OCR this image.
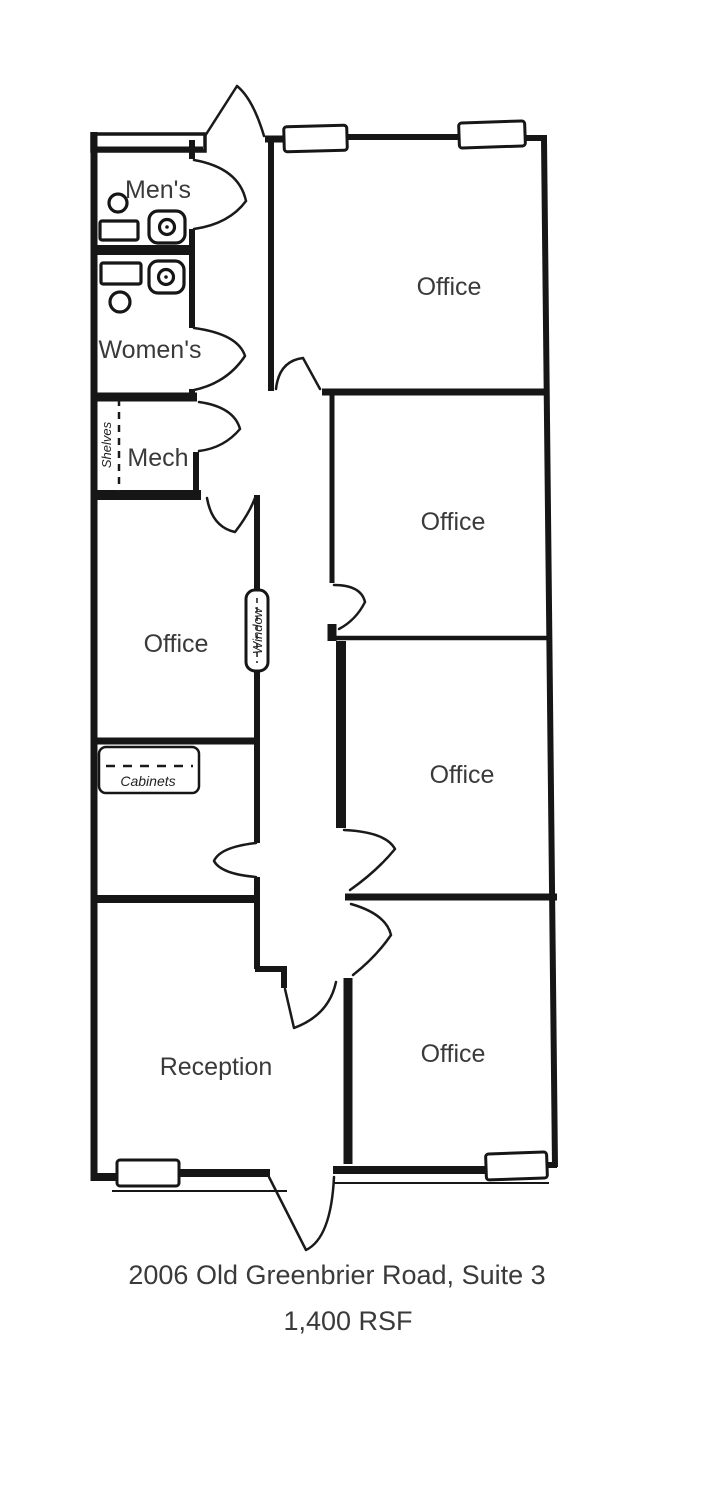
Men's
Women's
Mech
Office
Office
Office
Office
Office
Reception
Shelves
Window
Cabinets
2006 Old Greenbrier Road, Suite 3
1,400 RSF
